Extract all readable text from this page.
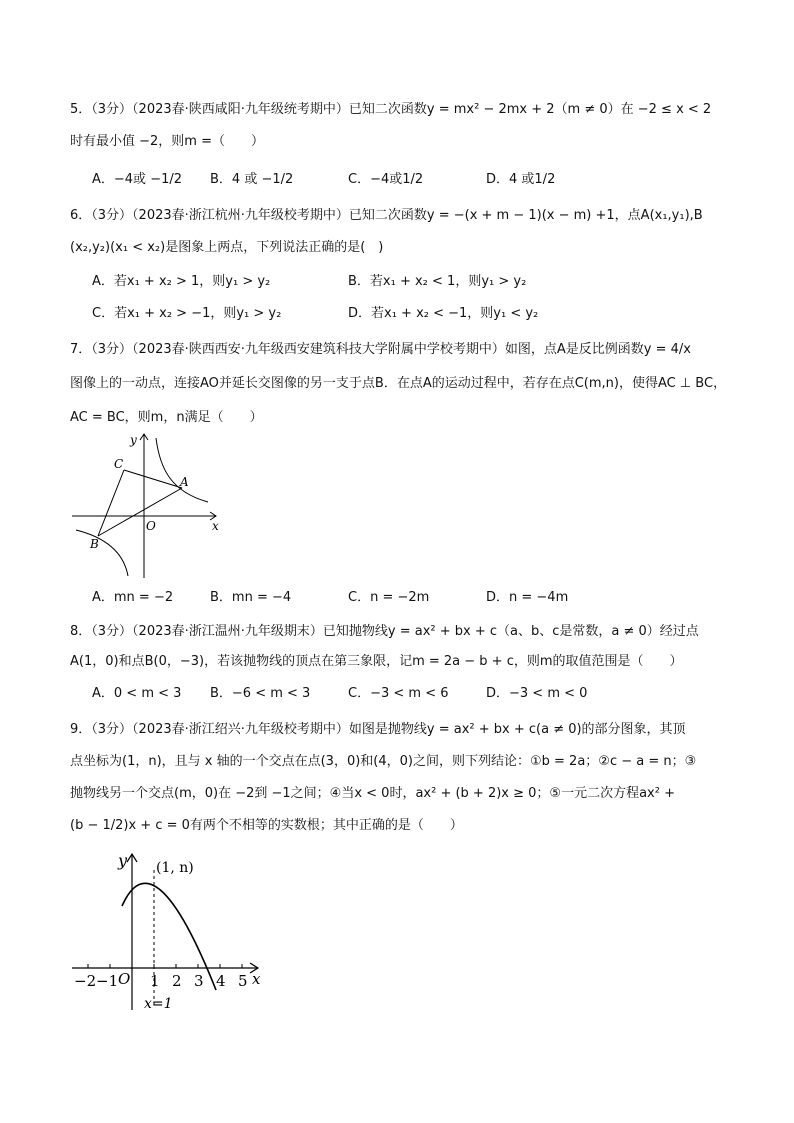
5．（3分）（2023春·陕西咸阳·九年级统考期中）已知二次函数y = mx² − 2mx + 2（m ≠ 0）在 −2 ≤ x < 2
时有最小值 −2，则m =（　　）
A．−4或 −1/2 B．4 或 −1/2	C．−4或1/2	D．4 或1/2
6．（3分）（2023春·浙江杭州·九年级校考期中）已知二次函数y = −(x + m − 1)(x − m) +1，点A(x₁,y₁),B
(x₂,y₂)(x₁ < x₂)是图象上两点，下列说法正确的是(　)
A．若x₁ + x₂ > 1，则y₁ > y₂	B．若x₁ + x₂ < 1，则y₁ > y₂
C．若x₁ + x₂ > −1，则y₁ > y₂	D．若x₁ + x₂ < −1，则y₁ < y₂
7．（3分）（2023春·陕西西安·九年级西安建筑科技大学附属中学校考期中）如图，点A是反比例函数y = 4/x
图像上的一动点，连接AO并延长交图像的另一支于点B．在点A的运动过程中，若存在点C(m,n)，使得AC ⊥ BC，
AC = BC，则m，n满足（　　）
y
x
O
A
B
C
A．mn = −2	B．mn = −4	C．n = −2m	D．n = −4m
8．（3分）（2023春·浙江温州·九年级期末）已知抛物线y = ax² + bx + c（a、b、c是常数，a ≠ 0）经过点
A(1，0)和点B(0，−3)，若该抛物线的顶点在第三象限，记m = 2a − b + c，则m的取值范围是（　　）
A．0 < m < 3 B．−6 < m < 3	C．−3 < m < 6	D．−3 < m < 0
9．（3分）（2023春·浙江绍兴·九年级校考期中）如图是抛物线y = ax² + bx + c(a ≠ 0)的部分图象，其顶
点坐标为(1，n)，且与 x 轴的一个交点在点(3，0)和(4，0)之间，则下列结论：①b = 2a；②c − a = n；③
抛物线另一个交点(m，0)在 −2到 −1之间；④当x < 0时，ax² + (b + 2)x ≥ 0；⑤一元二次方程ax² +
(b − 1/2)x + c = 0有两个不相等的实数根；其中正确的是（　　）
y (1, n)
−2 −1 O 1 2 3 4 5 x
x=1
